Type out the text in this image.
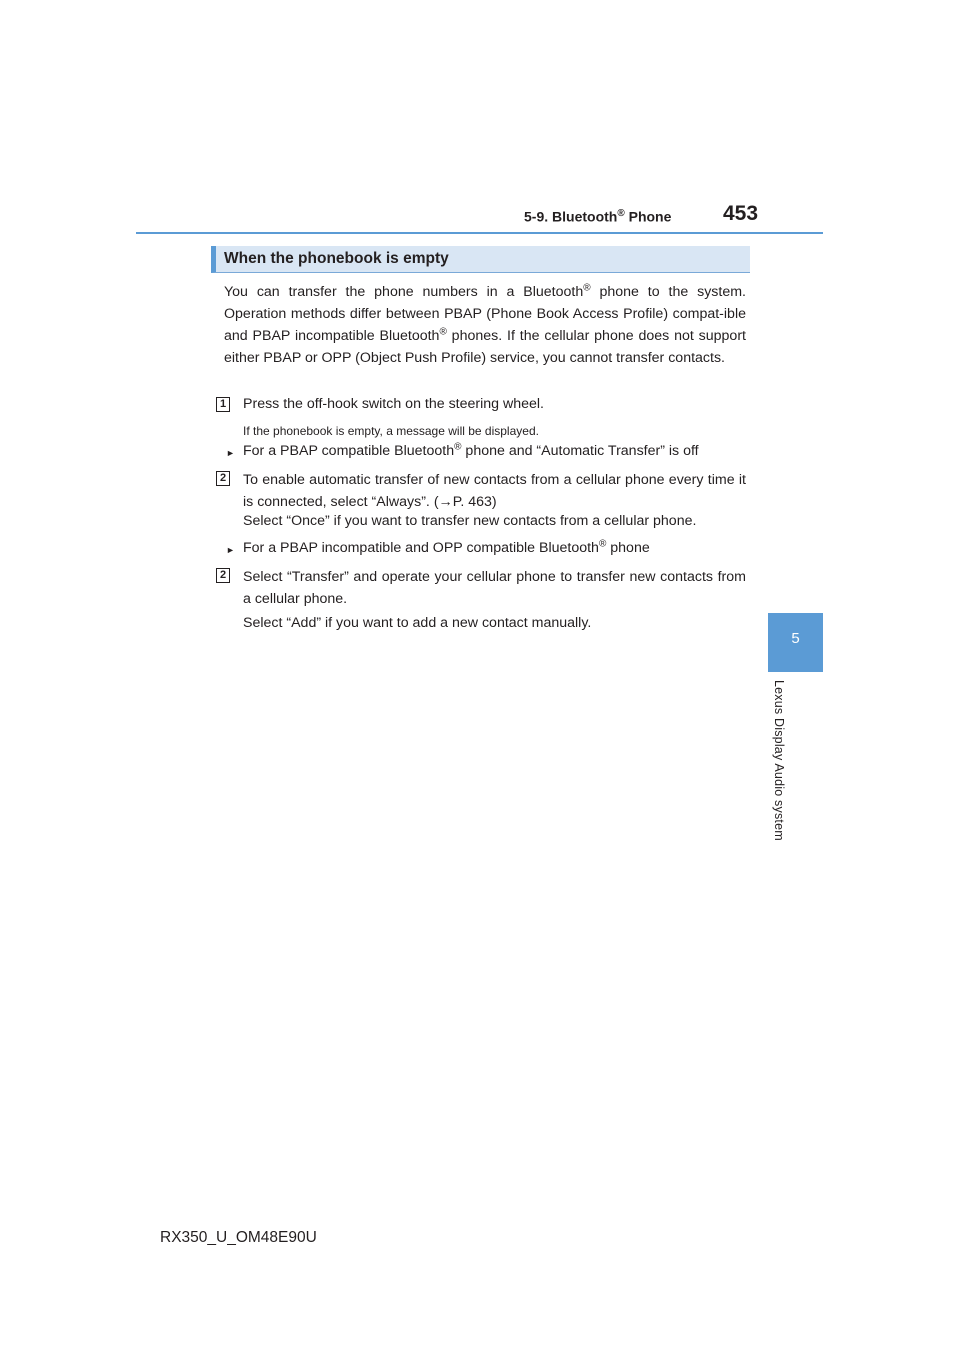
5-9. Bluetooth® Phone 453
5
Lexus Display Audio system
When the phonebook is empty
You can transfer the phone numbers in a Bluetooth® phone to the system. Operation methods differ between PBAP (Phone Book Access Profile) compat-ible and PBAP incompatible Bluetooth® phones. If the cellular phone does not support either PBAP or OPP (Object Push Profile) service, you cannot transfer contacts.
1 Press the off-hook switch on the steering wheel.
If the phonebook is empty, a message will be displayed.
► For a PBAP compatible Bluetooth® phone and “Automatic Transfer” is off
2 To enable automatic transfer of new contacts from a cellular phone every time it is connected, select “Always”. (→P. 463)
Select “Once” if you want to transfer new contacts from a cellular phone.
► For a PBAP incompatible and OPP compatible Bluetooth® phone
2 Select “Transfer” and operate your cellular phone to transfer new contacts from a cellular phone.
Select “Add” if you want to add a new contact manually.
RX350_U_OM48E90U
